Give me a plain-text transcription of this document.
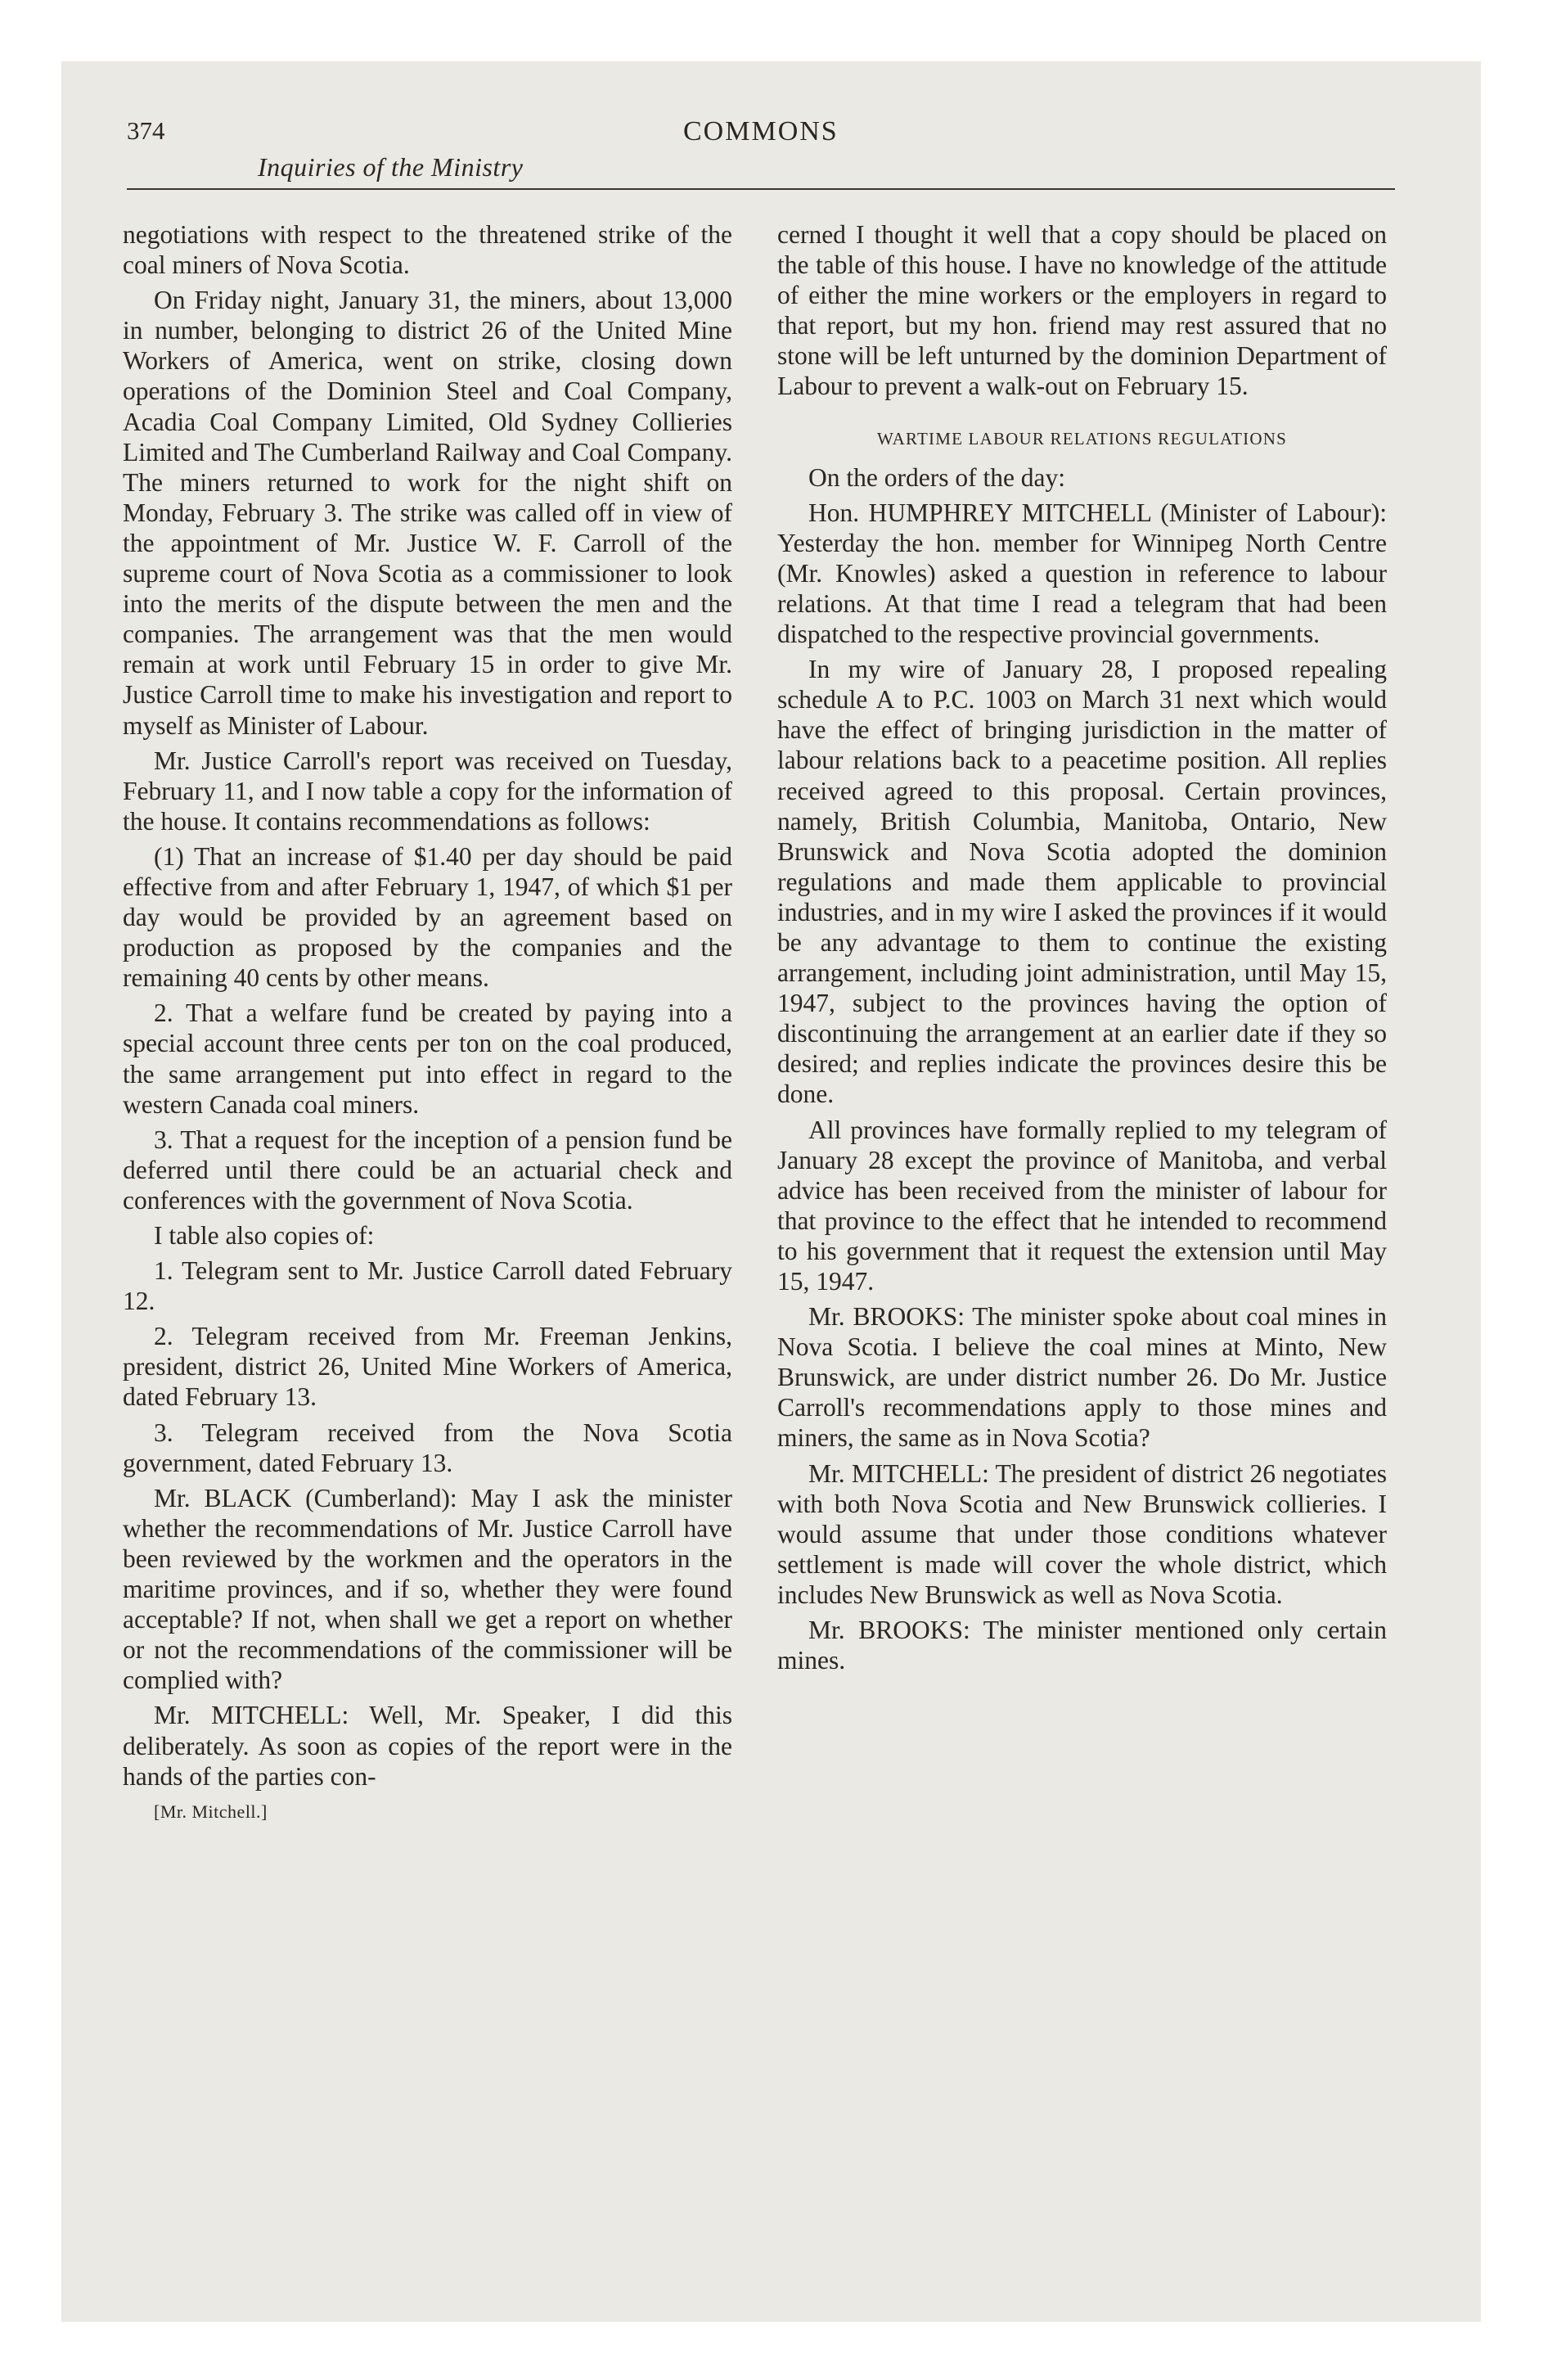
374
Inquiries of the Ministry
COMMONS

negotiations with respect to the threatened strike of the coal miners of Nova Scotia.

On Friday night, January 31, the miners, about 13,000 in number, belonging to district 26 of the United Mine Workers of America, went on strike, closing down operations of the Dominion Steel and Coal Company, Acadia Coal Company Limited, Old Sydney Collieries Limited and The Cumberland Railway and Coal Company. The miners returned to work for the night shift on Monday, February 3. The strike was called off in view of the appointment of Mr. Justice W. F. Carroll of the supreme court of Nova Scotia as a commissioner to look into the merits of the dispute between the men and the companies. The arrangement was that the men would remain at work until February 15 in order to give Mr. Justice Carroll time to make his investigation and report to myself as Minister of Labour.

Mr. Justice Carroll's report was received on Tuesday, February 11, and I now table a copy for the information of the house. It contains recommendations as follows:

(1) That an increase of $1.40 per day should be paid effective from and after February 1, 1947, of which $1 per day would be provided by an agreement based on production as proposed by the companies and the remaining 40 cents by other means.

2. That a welfare fund be created by paying into a special account three cents per ton on the coal produced, the same arrangement put into effect in regard to the western Canada coal miners.

3. That a request for the inception of a pension fund be deferred until there could be an actuarial check and conferences with the government of Nova Scotia.

I table also copies of:

1. Telegram sent to Mr. Justice Carroll dated February 12.

2. Telegram received from Mr. Freeman Jenkins, president, district 26, United Mine Workers of America, dated February 13.

3. Telegram received from the Nova Scotia government, dated February 13.

Mr. BLACK (Cumberland): May I ask the minister whether the recommendations of Mr. Justice Carroll have been reviewed by the workmen and the operators in the maritime provinces, and if so, whether they were found acceptable? If not, when shall we get a report on whether or not the recommendations of the commissioner will be complied with?

Mr. MITCHELL: Well, Mr. Speaker, I did this deliberately. As soon as copies of the report were in the hands of the parties con-

[Mr. Mitchell.]

cerned I thought it well that a copy should be placed on the table of this house. I have no knowledge of the attitude of either the mine workers or the employers in regard to that report, but my hon. friend may rest assured that no stone will be left unturned by the dominion Department of Labour to prevent a walk-out on February 15.

WARTIME LABOUR RELATIONS REGULATIONS

On the orders of the day:

Hon. HUMPHREY MITCHELL (Minister of Labour): Yesterday the hon. member for Winnipeg North Centre (Mr. Knowles) asked a question in reference to labour relations. At that time I read a telegram that had been dispatched to the respective provincial governments.

In my wire of January 28, I proposed repealing schedule A to P.C. 1003 on March 31 next which would have the effect of bringing jurisdiction in the matter of labour relations back to a peacetime position. All replies received agreed to this proposal. Certain provinces, namely, British Columbia, Manitoba, Ontario, New Brunswick and Nova Scotia adopted the dominion regulations and made them applicable to provincial industries, and in my wire I asked the provinces if it would be any advantage to them to continue the existing arrangement, including joint administration, until May 15, 1947, subject to the provinces having the option of discontinuing the arrangement at an earlier date if they so desired; and replies indicate the provinces desire this be done.

All provinces have formally replied to my telegram of January 28 except the province of Manitoba, and verbal advice has been received from the minister of labour for that province to the effect that he intended to recommend to his government that it request the extension until May 15, 1947.

Mr. BROOKS: The minister spoke about coal mines in Nova Scotia. I believe the coal mines at Minto, New Brunswick, are under district number 26. Do Mr. Justice Carroll's recommendations apply to those mines and miners, the same as in Nova Scotia?

Mr. MITCHELL: The president of district 26 negotiates with both Nova Scotia and New Brunswick collieries. I would assume that under those conditions whatever settlement is made will cover the whole district, which includes New Brunswick as well as Nova Scotia.

Mr. BROOKS: The minister mentioned only certain mines.
